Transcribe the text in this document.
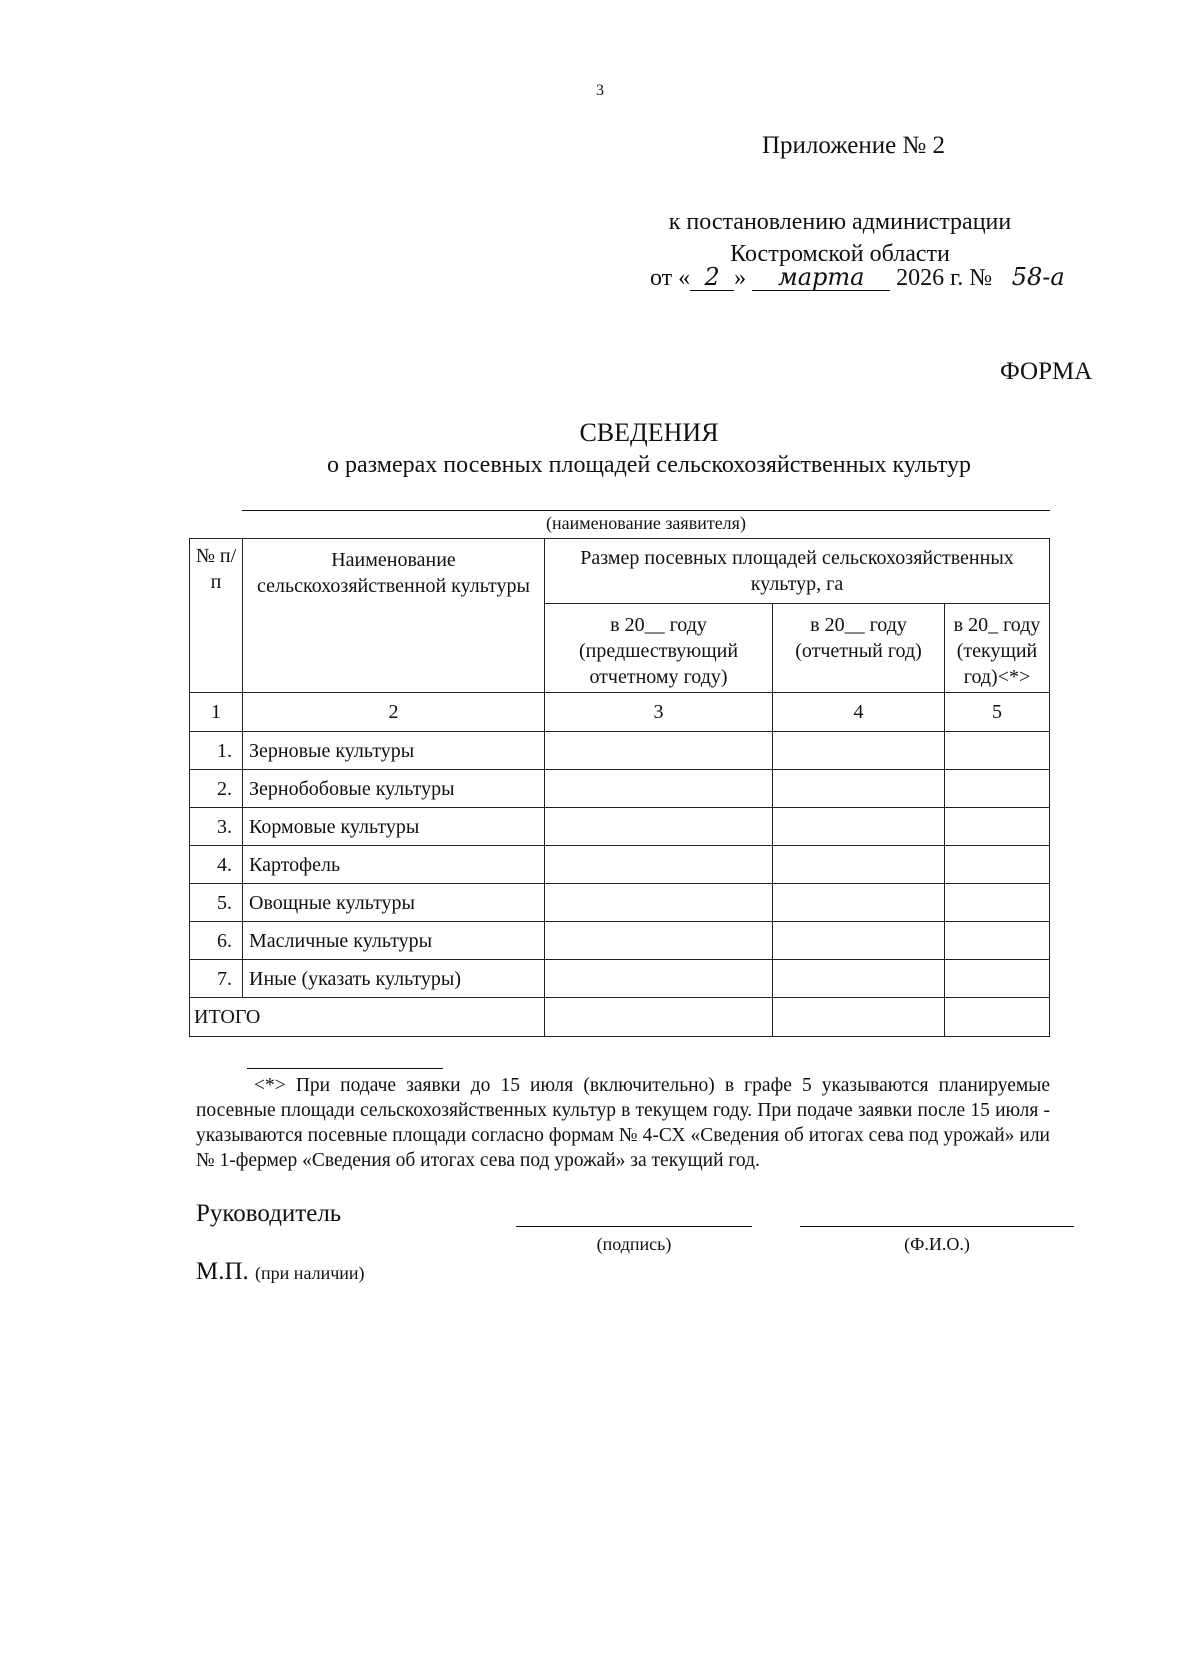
3
Приложение № 2
к постановлению администрации
Костромской области
от « 2 » марта 2026 г. № 58-а
ФОРМА
СВЕДЕНИЯ
о размерах посевных площадей сельскохозяйственных культур
(наименование заявителя)
№ п/п	Наименование сельскохозяйственной культуры	Размер посевных площадей сельскохозяйственных культур, га		
		в 20__ году (предшествующий отчетному году)	в 20__ году (отчетный год)	в 20_ году (текущий год)<*>
1	2	3	4	5
1.	Зерновые культуры			
2.	Зернобобовые культуры			
3.	Кормовые культуры			
4.	Картофель			
5.	Овощные культуры			
6.	Масличные культуры			
7.	Иные (указать культуры)			
ИТОГО				
<*> При подаче заявки до 15 июля (включительно) в графе 5 указываются планируемые посевные площади сельскохозяйственных культур в текущем году. При подаче заявки после 15 июля - указываются посевные площади согласно формам № 4-СХ «Сведения об итогах сева под урожай» или № 1-фермер «Сведения об итогах сева под урожай» за текущий год.
Руководитель
(подпись)	(Ф.И.О.)
М.П. (при наличии)
